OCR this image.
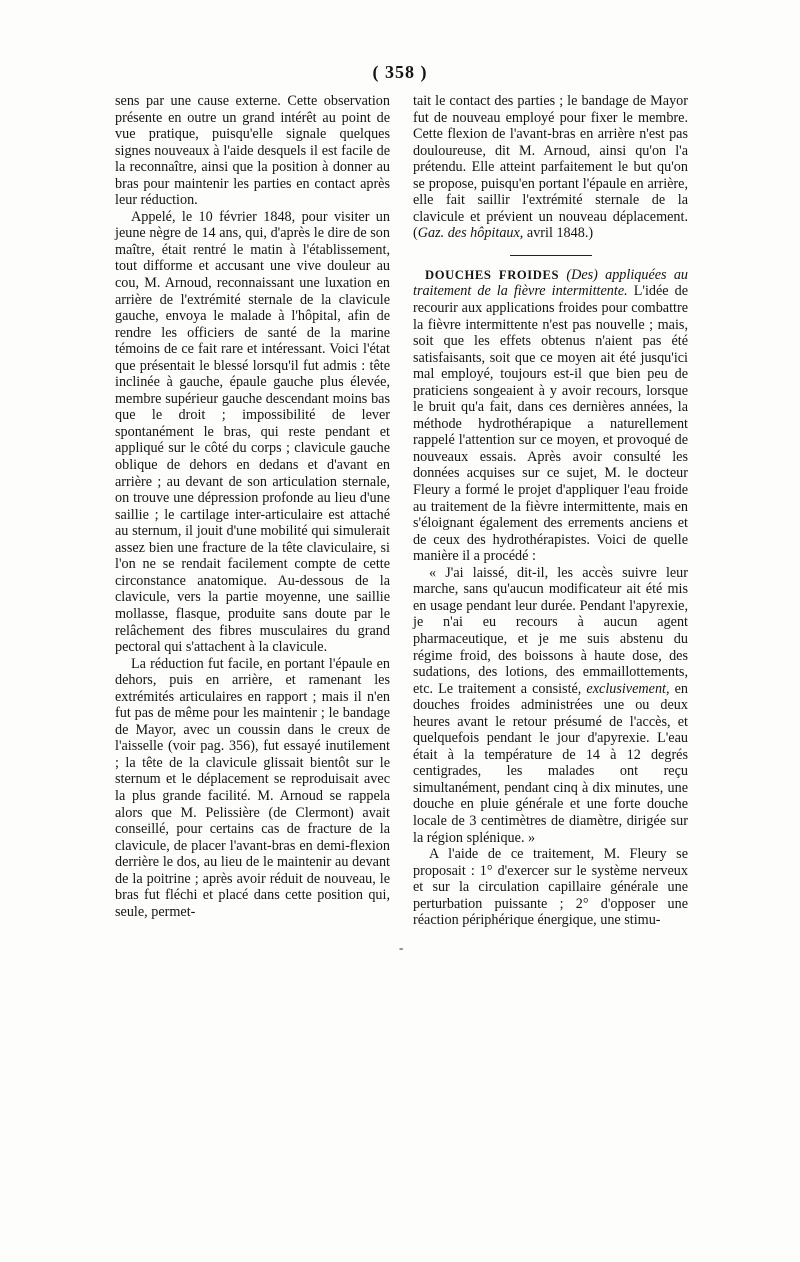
( 358 )

sens par une cause externe. Cette observation présente en outre un grand intérêt au point de vue pratique, puisqu'elle signale quelques signes nouveaux à l'aide desquels il est facile de la reconnaître, ainsi que la position à donner au bras pour maintenir les parties en contact après leur réduction.

Appelé, le 10 février 1848, pour visiter un jeune nègre de 14 ans, qui, d'après le dire de son maître, était rentré le matin à l'établissement, tout difforme et accusant une vive douleur au cou, M. Arnoud, reconnaissant une luxation en arrière de l'extrémité sternale de la clavicule gauche, envoya le malade à l'hôpital, afin de rendre les officiers de santé de la marine témoins de ce fait rare et intéressant. Voici l'état que présentait le blessé lorsqu'il fut admis : tête inclinée à gauche, épaule gauche plus élevée, membre supérieur gauche descendant moins bas que le droit ; impossibilité de lever spontanément le bras, qui reste pendant et appliqué sur le côté du corps ; clavicule gauche oblique de dehors en dedans et d'avant en arrière ; au devant de son articulation sternale, on trouve une dépression profonde au lieu d'une saillie ; le cartilage inter-articulaire est attaché au sternum, il jouit d'une mobilité qui simulerait assez bien une fracture de la tête claviculaire, si l'on ne se rendait facilement compte de cette circonstance anatomique. Au-dessous de la clavicule, vers la partie moyenne, une saillie mollasse, flasque, produite sans doute par le relâchement des fibres musculaires du grand pectoral qui s'attachent à la clavicule.

La réduction fut facile, en portant l'épaule en dehors, puis en arrière, et ramenant les extrémités articulaires en rapport ; mais il n'en fut pas de même pour les maintenir ; le bandage de Mayor, avec un coussin dans le creux de l'aisselle (voir pag. 356), fut essayé inutilement ; la tête de la clavicule glissait bientôt sur le sternum et le déplacement se reproduisait avec la plus grande facilité. M. Arnoud se rappela alors que M. Pelissière (de Clermont) avait conseillé, pour certains cas de fracture de la clavicule, de placer l'avant-bras en demi-flexion derrière le dos, au lieu de le maintenir au devant de la poitrine ; après avoir réduit de nouveau, le bras fut fléchi et placé dans cette position qui, seule, permet-

tait le contact des parties ; le bandage de Mayor fut de nouveau employé pour fixer le membre. Cette flexion de l'avant-bras en arrière n'est pas douloureuse, dit M. Arnoud, ainsi qu'on l'a prétendu. Elle atteint parfaitement le but qu'on se propose, puisqu'en portant l'épaule en arrière, elle fait saillir l'extrémité sternale de la clavicule et prévient un nouveau déplacement. (Gaz. des hôpitaux, avril 1848.)

DOUCHES FROIDES (Des) appliquées au traitement de la fièvre intermittente. L'idée de recourir aux applications froides pour combattre la fièvre intermittente n'est pas nouvelle ; mais, soit que les effets obtenus n'aient pas été satisfaisants, soit que ce moyen ait été jusqu'ici mal employé, toujours est-il que bien peu de praticiens songeaient à y avoir recours, lorsque le bruit qu'a fait, dans ces dernières années, la méthode hydrothérapique a naturellement rappelé l'attention sur ce moyen, et provoqué de nouveaux essais. Après avoir consulté les données acquises sur ce sujet, M. le docteur Fleury a formé le projet d'appliquer l'eau froide au traitement de la fièvre intermittente, mais en s'éloignant également des errements anciens et de ceux des hydrothérapistes. Voici de quelle manière il a procédé :

« J'ai laissé, dit-il, les accès suivre leur marche, sans qu'aucun modificateur ait été mis en usage pendant leur durée. Pendant l'apyrexie, je n'ai eu recours à aucun agent pharmaceutique, et je me suis abstenu du régime froid, des boissons à haute dose, des sudations, des lotions, des emmaillottements, etc. Le traitement a consisté, exclusivement, en douches froides administrées une ou deux heures avant le retour présumé de l'accès, et quelquefois pendant le jour d'apyrexie. L'eau était à la température de 14 à 12 degrés centigrades, les malades ont reçu simultanément, pendant cinq à dix minutes, une douche en pluie générale et une forte douche locale de 3 centimètres de diamètre, dirigée sur la région splénique. »

A l'aide de ce traitement, M. Fleury se proposait : 1° d'exercer sur le système nerveux et sur la circulation capillaire générale une perturbation puissante ; 2° d'opposer une réaction périphérique énergique, une stimu-

-
